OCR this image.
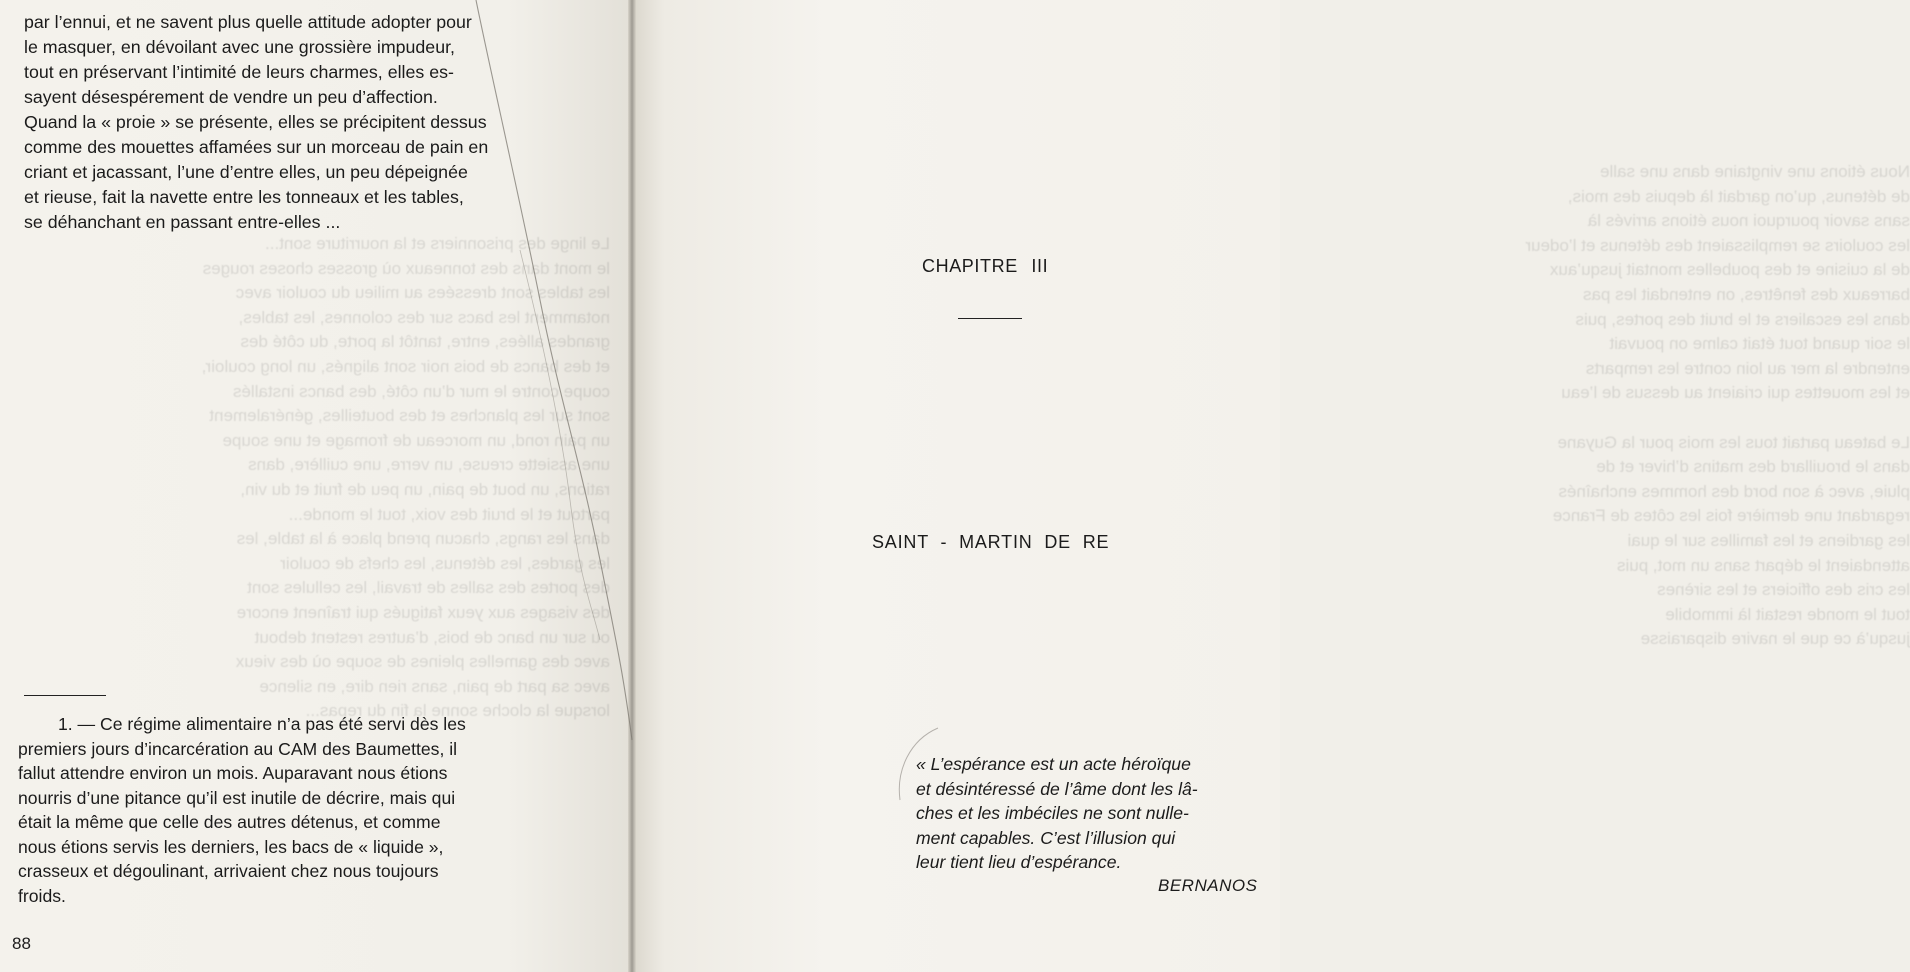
Le linge des prisonniers et la nourriture sont...
le mont dans des tonneaux où grosses choses rouges
les tables sont dressées au milieu du couloir avec
notamment les bacs sur des colonnes, les tables,
grandes allées, entre, tantôt la porte, du côté des
et des bancs de bois noir sont alignés, un long couloir,
coupe contre le mur d’un côté, des bancs installés
sont sur les planches et des bouteilles, généralement
un pain rond, un morceau de fromage et une soupe
une assiette creuse, un verre, une cuillère, dans
rations, un bout de pain, un peu de fruit et du vin,
partout et le bruit des voix, tout le monde...
dans les rangs, chacun prend place à la table, les
les gardes, les détenus, les chefs de couloir
des portes des salles de travail, les cellules sont
des visages aux yeux fatigués qui traînent encore
ou sur un banc de bois, d’autres restent debout
avec des gamelles pleines de soupe où des vieux
avec sa part de pain, sans rien dire, en silence
lorsque la cloche sonne la fin du repas...

par l’ennui, et ne savent plus quelle attitude adopter pour

le masquer, en dévoilant avec une grossière impudeur,

tout en préservant l’intimité de leurs charmes, elles es-

sayent désespérement de vendre un peu d’affection.

Quand la « proie » se présente, elles se précipitent dessus

comme des mouettes affamées sur un morceau de pain en

criant et jacassant, l’une d’entre elles, un peu dépeignée

et rieuse, fait la navette entre les tonneaux et les tables,

se déhanchant en passant entre-elles ...

1. — Ce régime alimentaire n’a pas été servi dès les

premiers jours d’incarcération au CAM des Baumettes, il
fallut attendre environ un mois. Auparavant nous étions
nourris d’une pitance qu’il est inutile de décrire, mais qui
était la même que celle des autres détenus, et comme
nous étions servis les derniers, les bacs de « liquide »,
crasseux et dégoulinant, arrivaient chez nous toujours
froids.
88
Nous étions une vingtaine dans une salle
de détenus, qu’on gardait là depuis des mois,
sans savoir pourquoi nous étions arrivés là
les couloirs se remplissaient des détenus et l’odeur
de la cuisine et des poubelles montait jusqu’aux
barreaux des fenêtres, on entendait les pas
dans les escaliers et le bruit des portes, puis
le soir quand tout était calme on pouvait
entendre la mer au loin contre les remparts
et les mouettes qui criaient au dessus de l’eau

Le bateau partait tous les mois pour la Guyane
dans le brouillard des matins d’hiver et de
pluie, avec à son bord des hommes enchaînés
regardant une dernière fois les côtes de France
les gardiens et les familles sur le quai
attendaient le départ sans un mot, puis
les cris des officiers et les sirènes
tout le monde restait là immobile
jusqu’à ce que le navire disparaisse
CHAPITRE III
SAINT - MARTIN DE RE

« L’espérance est un acte héroïque

et désintéressé de l’âme dont les lâ-

ches et les imbéciles ne sont nulle-

ment capables. C’est l’illusion qui

leur tient lieu d’espérance.

BERNANOS
